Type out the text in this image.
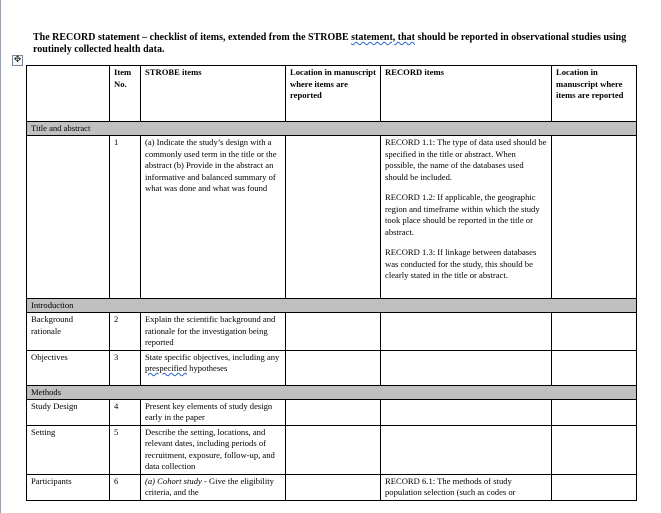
The RECORD statement – checklist of items, extended from the STROBE statement, that should be reported in observational studies using routinely collected health data.
✥
	Item No.	STROBE items	Location in manuscript where items are reported	RECORD items	Location in manuscript where items are reported
Title and abstract					
	1	(a) Indicate the study’s design with a commonly used term in the title or the abstract (b) Provide in the abstract an informative and balanced summary of what was done and what was found		RECORD 1.1: The type of data used should be specified in the title or abstract. When possible, the name of the databases used should be included.

RECORD 1.2: If applicable, the geographic region and timeframe within which the study took place should be reported in the title or abstract.

RECORD 1.3: If linkage between databases was conducted for the study, this should be clearly stated in the title or abstract.	

Introduction					
Background rationale	2	Explain the scientific background and rationale for the investigation being reported			
Objectives	3	State specific objectives, including any prespecified hypotheses			
Methods					
Study Design	4	Present key elements of study design early in the paper			
Setting	5	Describe the setting, locations, and relevant dates, including periods of recruitment, exposure, follow-up, and data collection			
Participants	6	(a) Cohort study - Give the eligibility criteria, and the		RECORD 6.1: The methods of study population selection (such as codes or	
